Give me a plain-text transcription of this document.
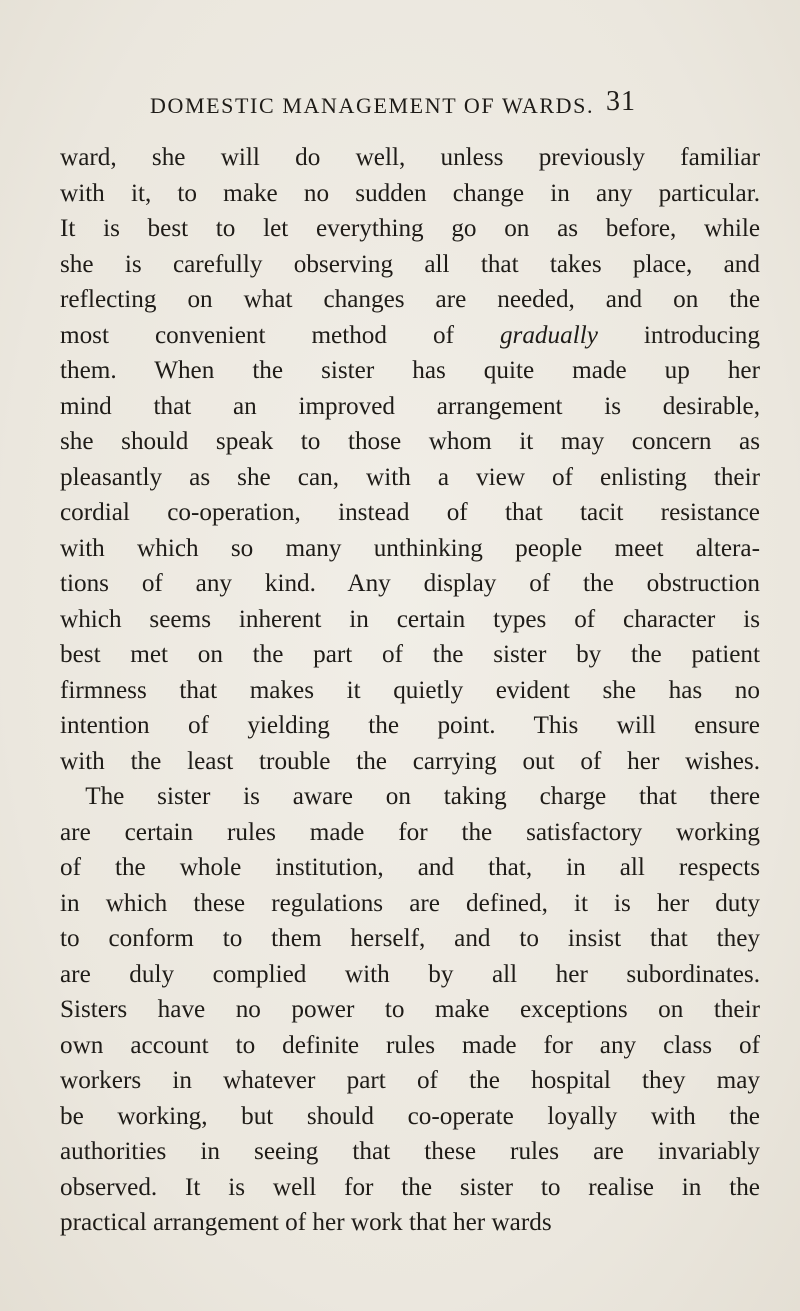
DOMESTIC MANAGEMENT OF WARDS. 31
ward, she will do well, unless previously familiar
with it, to make no sudden change in any particular.
It is best to let everything go on as before, while
she is carefully observing all that takes place, and
reflecting on what changes are needed, and on the
most convenient method of gradually introducing
them. When the sister has quite made up her
mind that an improved arrangement is desirable,
she should speak to those whom it may concern as
pleasantly as she can, with a view of enlisting their
cordial co-operation, instead of that tacit resistance
with which so many unthinking people meet altera-
tions of any kind. Any display of the obstruction
which seems inherent in certain types of character is
best met on the part of the sister by the patient
firmness that makes it quietly evident she has no
intention of yielding the point. This will ensure
with the least trouble the carrying out of her wishes.
 The sister is aware on taking charge that there
are certain rules made for the satisfactory working
of the whole institution, and that, in all respects
in which these regulations are defined, it is her duty
to conform to them herself, and to insist that they
are duly complied with by all her subordinates.
Sisters have no power to make exceptions on their
own account to definite rules made for any class of
workers in whatever part of the hospital they may
be working, but should co-operate loyally with the
authorities in seeing that these rules are invariably
observed. It is well for the sister to realise in the
practical arrangement of her work that her wards
